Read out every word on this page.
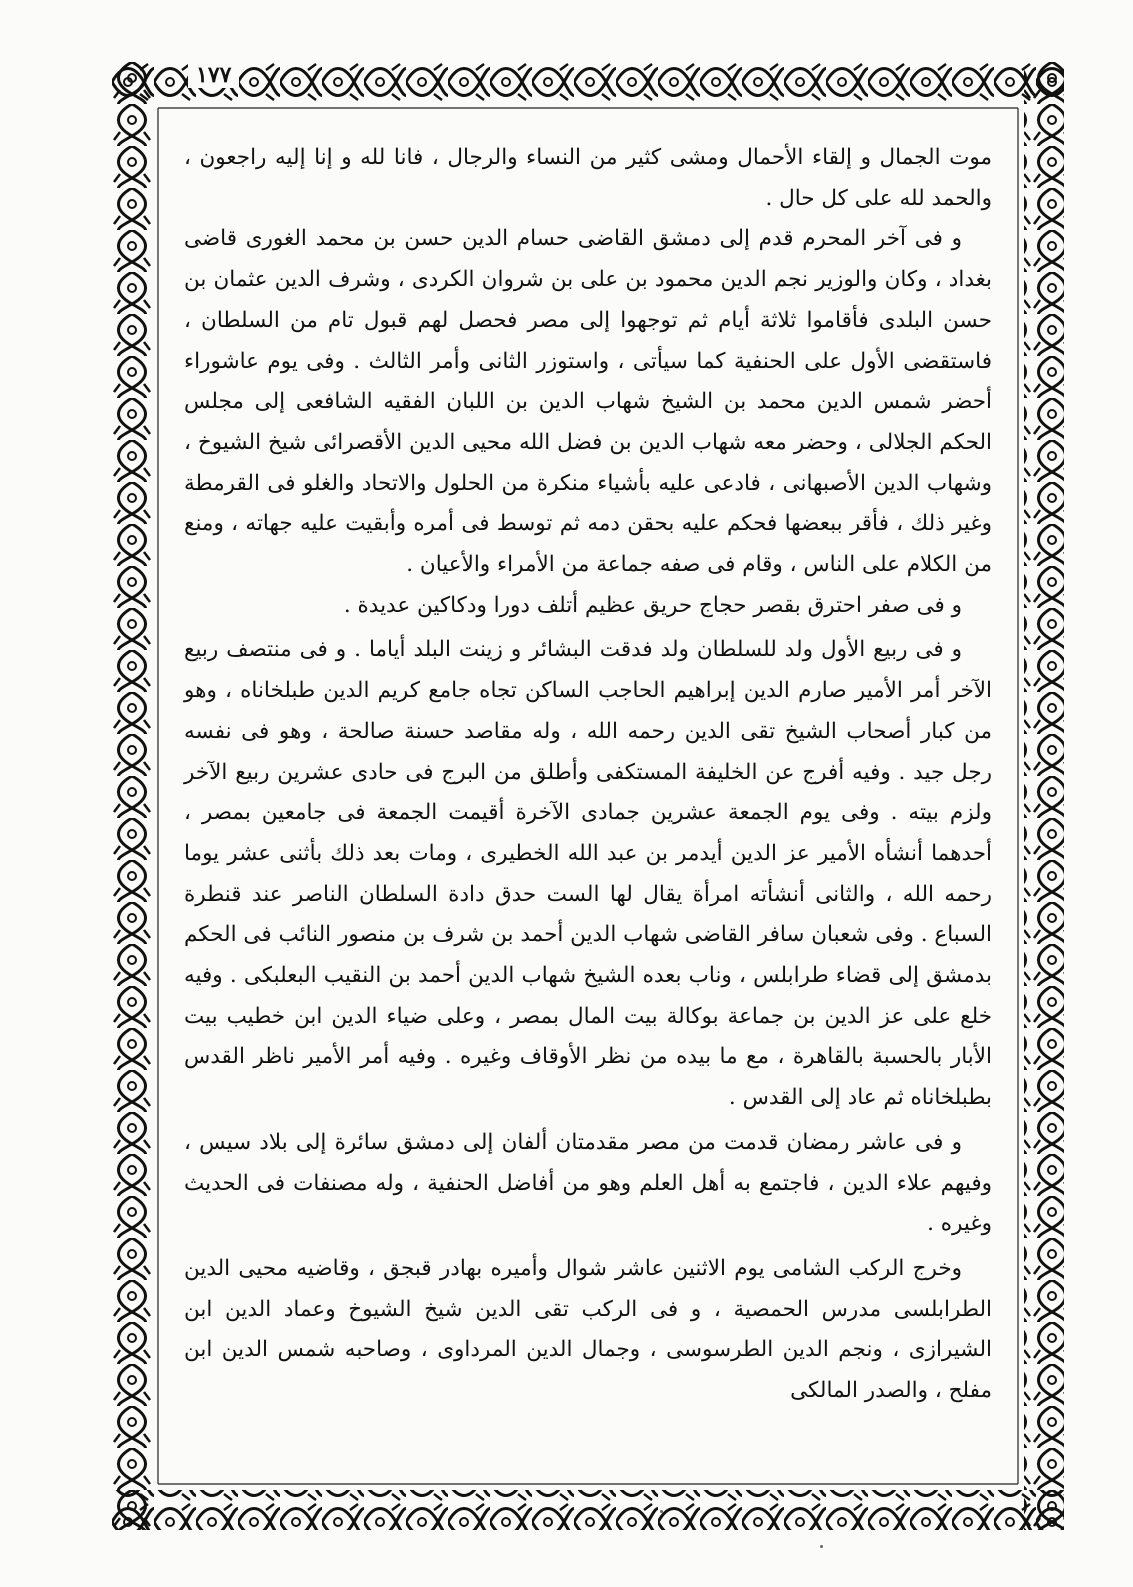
١٧٧

موت الجمال و إلقاء الأحمال ومشى كثير من النساء والرجال ، فانا لله و إنا إليه راجعون ، والحمد لله على كل حال .

و فى آخر المحرم قدم إلى دمشق القاضى حسام الدين حسن بن محمد الغورى قاضى بغداد ، وكان والوزير نجم الدين محمود بن على بن شروان الكردى ، وشرف الدين عثمان بن حسن البلدى فأقاموا ثلاثة أيام ثم توجهوا إلى مصر فحصل لهم قبول تام من السلطان ، فاستقضى الأول على الحنفية كما سيأتى ، واستوزر الثانى وأمر الثالث . وفى يوم عاشوراء أحضر شمس الدين محمد بن الشيخ شهاب الدين بن اللبان الفقيه الشافعى إلى مجلس الحكم الجلالى ، وحضر معه شهاب الدين بن فضل الله محيى الدين الأقصرائى شيخ الشيوخ ، وشهاب الدين الأصبهانى ، فادعى عليه بأشياء منكرة من الحلول والاتحاد والغلو فى القرمطة وغير ذلك ، فأقر ببعضها فحكم عليه بحقن دمه ثم توسط فى أمره وأبقيت عليه جهاته ، ومنع من الكلام على الناس ، وقام فى صفه جماعة من الأمراء والأعيان .

و فى صفر احترق بقصر حجاج حريق عظيم أتلف دورا ودكاكين عديدة .

و فى ربيع الأول ولد للسلطان ولد فدقت البشائر و زينت البلد أياما . و فى منتصف ربيع الآخر أمر الأمير صارم الدين إبراهيم الحاجب الساكن تجاه جامع كريم الدين طبلخاناه ، وهو من كبار أصحاب الشيخ تقى الدين رحمه الله ، وله مقاصد حسنة صالحة ، وهو فى نفسه رجل جيد . وفيه أفرج عن الخليفة المستكفى وأطلق من البرج فى حادى عشرين ربيع الآخر ولزم بيته . وفى يوم الجمعة عشرين جمادى الآخرة أقيمت الجمعة فى جامعين بمصر ، أحدهما أنشأه الأمير عز الدين أيدمر بن عبد الله الخطيرى ، ومات بعد ذلك بأثنى عشر يوما رحمه الله ، والثانى أنشأته امرأة يقال لها الست حدق دادة السلطان الناصر عند قنطرة السباع . وفى شعبان سافر القاضى شهاب الدين أحمد بن شرف بن منصور النائب فى الحكم بدمشق إلى قضاء طرابلس ، وناب بعده الشيخ شهاب الدين أحمد بن النقيب البعلبكى . وفيه خلع على عز الدين بن جماعة بوكالة بيت المال بمصر ، وعلى ضياء الدين ابن خطيب بيت الأبار بالحسبة بالقاهرة ، مع ما بيده من نظر الأوقاف وغيره . وفيه أمر الأمير ناظر القدس بطبلخاناه ثم عاد إلى القدس .

و فى عاشر رمضان قدمت من مصر مقدمتان ألفان إلى دمشق سائرة إلى بلاد سيس ، وفيهم علاء الدين ، فاجتمع به أهل العلم وهو من أفاضل الحنفية ، وله مصنفات فى الحديث وغيره .

وخرج الركب الشامى يوم الاثنين عاشر شوال وأميره بهادر قبجق ، وقاضيه محيى الدين الطرابلسى مدرس الحمصية ، و فى الركب تقى الدين شيخ الشيوخ وعماد الدين ابن الشيرازى ، ونجم الدين الطرسوسى ، وجمال الدين المرداوى ، وصاحبه شمس الدين ابن مفلح ، والصدر المالكى
